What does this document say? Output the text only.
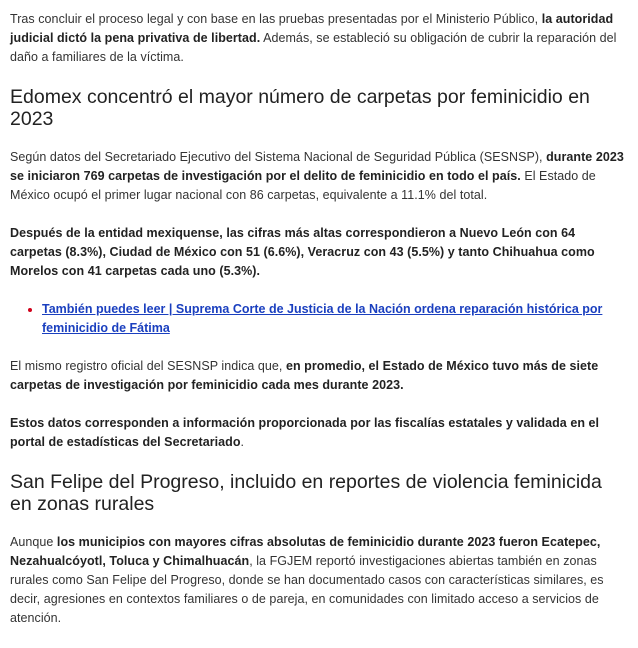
Tras concluir el proceso legal y con base en las pruebas presentadas por el Ministerio Público, la autoridad judicial dictó la pena privativa de libertad. Además, se estableció su obligación de cubrir la reparación del daño a familiares de la víctima.

Edomex concentró el mayor número de carpetas por feminicidio en 2023

Según datos del Secretariado Ejecutivo del Sistema Nacional de Seguridad Pública (SESNSP), durante 2023 se iniciaron 769 carpetas de investigación por el delito de feminicidio en todo el país. El Estado de México ocupó el primer lugar nacional con 86 carpetas, equivalente a 11.1% del total.

Después de la entidad mexiquense, las cifras más altas correspondieron a Nuevo León con 64 carpetas (8.3%), Ciudad de México con 51 (6.6%), Veracruz con 43 (5.5%) y tanto Chihuahua como Morelos con 41 carpetas cada uno (5.3%).

• También puedes leer | Suprema Corte de Justicia de la Nación ordena reparación histórica por feminicidio de Fátima

El mismo registro oficial del SESNSP indica que, en promedio, el Estado de México tuvo más de siete carpetas de investigación por feminicidio cada mes durante 2023.

Estos datos corresponden a información proporcionada por las fiscalías estatales y validada en el portal de estadísticas del Secretariado.

San Felipe del Progreso, incluido en reportes de violencia feminicida en zonas rurales

Aunque los municipios con mayores cifras absolutas de feminicidio durante 2023 fueron Ecatepec, Nezahualcóyotl, Toluca y Chimalhuacán, la FGJEM reportó investigaciones abiertas también en zonas rurales como San Felipe del Progreso, donde se han documentado casos con características similares, es decir, agresiones en contextos familiares o de pareja, en comunidades con limitado acceso a servicios de atención.
